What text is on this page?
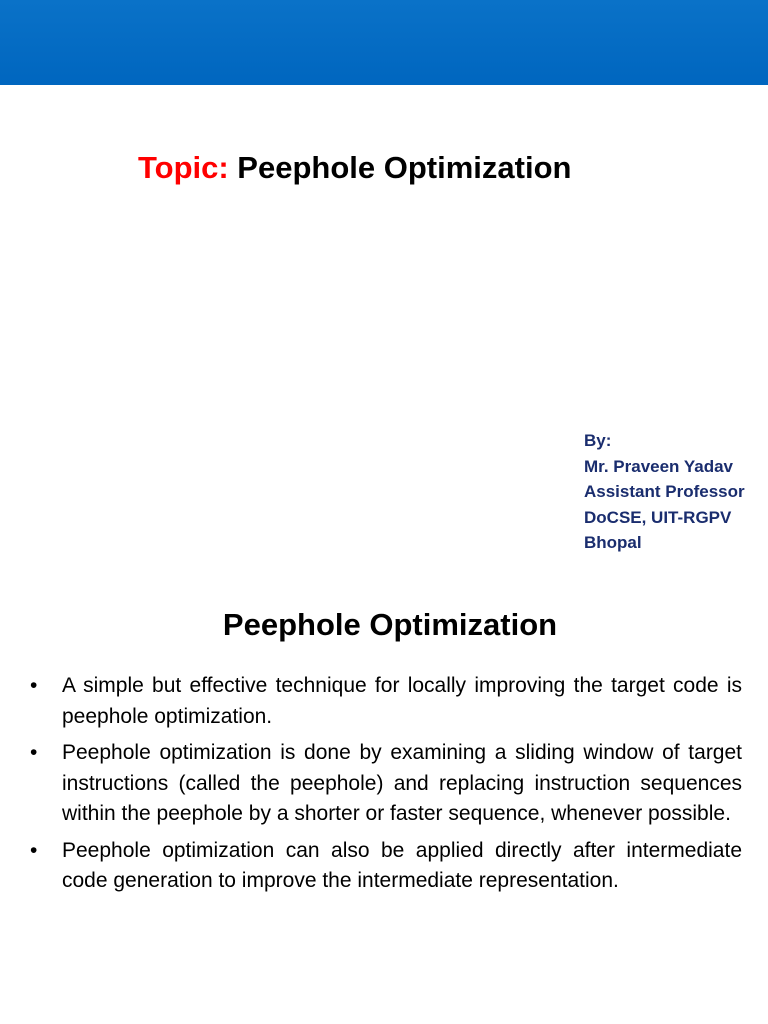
Topic: Peephole Optimization
By:
Mr. Praveen Yadav
Assistant Professor
DoCSE, UIT-RGPV
Bhopal
Peephole Optimization
•	A simple but effective technique for locally improving the target code is peephole optimization.
•	Peephole optimization is done by examining a sliding window of target instructions (called the peephole) and replacing instruction sequences within the peephole by a shorter or faster sequence, whenever possible.
•	Peephole optimization can also be applied directly after intermediate code generation to improve the intermediate representation.
